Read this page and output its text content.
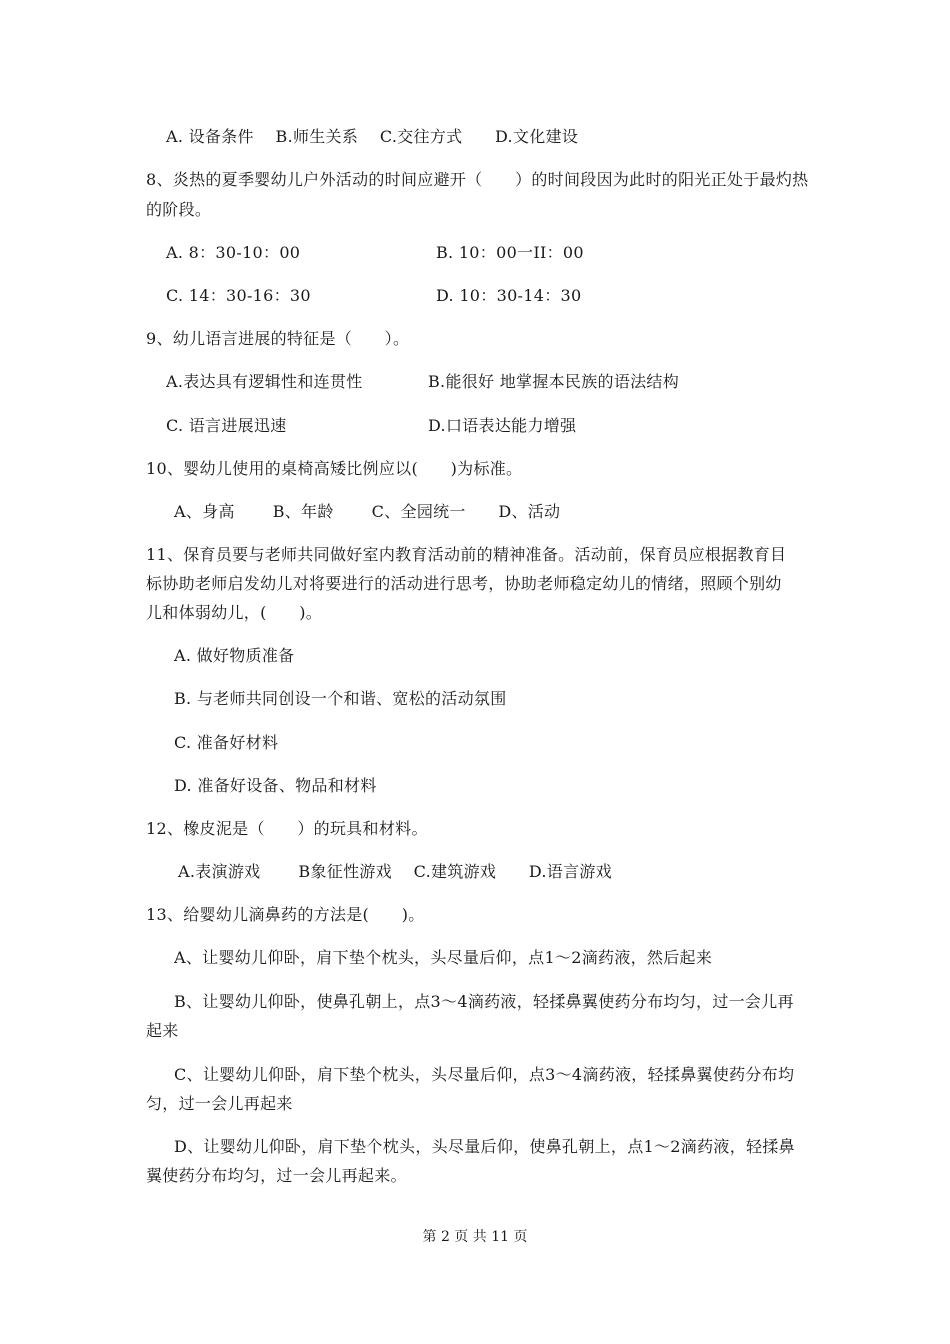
A. 设备条件　 B.师生关系　 C.交往方式　　D.文化建设
8、炎热的夏季婴幼儿户外活动的时间应避开（　　）的时间段因为此时的阳光正处于最灼热
的阶段。
A. 8：30-10：00	B. 10：00一II：00
C. 14：30-16：30	D. 10：30-14：30
9、幼儿语言进展的特征是（　　）。
A.表达具有逻辑性和连贯性	B.能很好 地掌握本民族的语法结构
C. 语言进展迅速	D.口语表达能力增强
10、婴幼儿使用的桌椅高矮比例应以(　　)为标准。
A、身高　　 B、年龄　　 C、全园统一　　D、活动
11、保育员要与老师共同做好室内教育活动前的精神准备。活动前，保育员应根据教育目
标协助老师启发幼儿对将要进行的活动进行思考，协助老师稳定幼儿的情绪，照顾个别幼
儿和体弱幼儿，(　　)。
A. 做好物质准备
B. 与老师共同创设一个和谐、宽松的活动氛围
C. 准备好材料
D. 准备好设备、物品和材料
12、橡皮泥是（　　）的玩具和材料。
A.表演游戏　　 B象征性游戏　 C.建筑游戏　　D.语言游戏
13、给婴幼儿滴鼻药的方法是(　　)。
A、让婴幼儿仰卧，肩下垫个枕头，头尽量后仰，点1～2滴药液，然后起来
B、让婴幼儿仰卧，使鼻孔朝上，点3～4滴药液，轻揉鼻翼使药分布均匀，过一会儿再
起来
C、让婴幼儿仰卧，肩下垫个枕头，头尽量后仰，点3～4滴药液，轻揉鼻翼使药分布均
匀，过一会儿再起来
D、让婴幼儿仰卧，肩下垫个枕头，头尽量后仰，使鼻孔朝上，点1～2滴药液，轻揉鼻
翼使药分布均匀，过一会儿再起来。
第 2 页 共 11 页
